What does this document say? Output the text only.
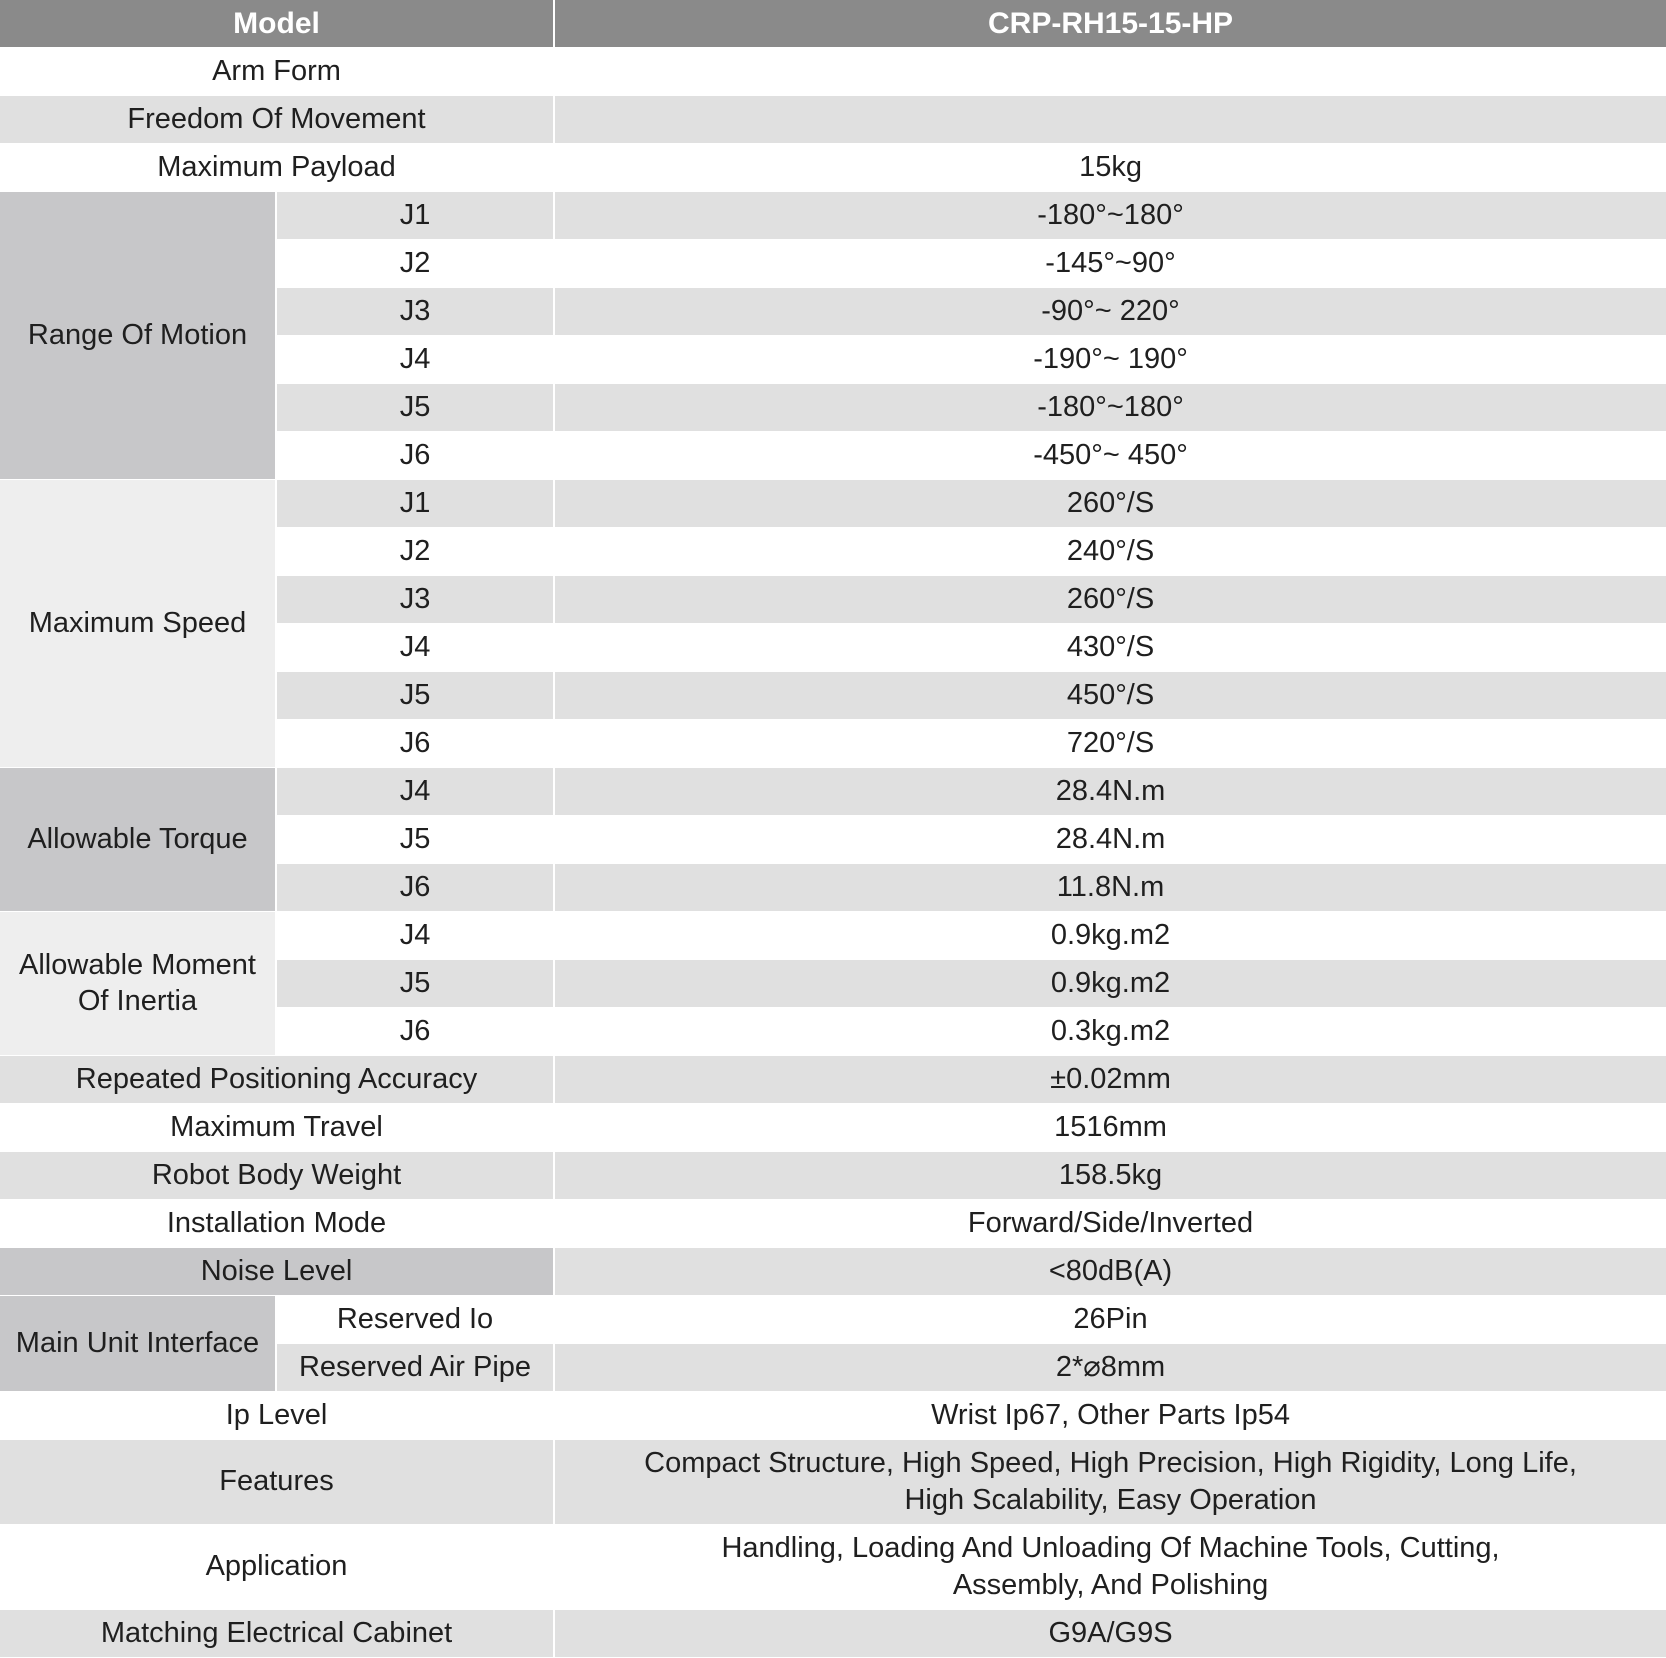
Model		CRP-RH15-15-HP
Arm Form		
Freedom Of Movement		
Maximum Payload		15kg
Range Of Motion	J1	-180°~180°
	J2	-145°~90°
	J3	-90°~ 220°
	J4	-190°~ 190°
	J5	-180°~180°
	J6	-450°~ 450°
Maximum Speed	J1	260°/S
	J2	240°/S
	J3	260°/S
	J4	430°/S
	J5	450°/S
	J6	720°/S
Allowable Torque	J4	28.4N.m
	J5	28.4N.m
	J6	11.8N.m

Allowable Moment
Of Inertia	J4	0.9kg.m2
	J5	0.9kg.m2
	J6	0.3kg.m2
Repeated Positioning Accuracy		±0.02mm
Maximum Travel		1516mm
Robot Body Weight		158.5kg
Installation Mode		Forward/Side/Inverted
Noise Level		<80dB(A)
Main Unit Interface	Reserved Io	26Pin
	Reserved Air Pipe	2*⌀8mm
Ip Level		Wrist Ip67, Other Parts Ip54
Features		Compact Structure, High Speed, High Precision, High Rigidity, Long Life,
High Scalability, Easy Operation

Application		Handling, Loading And Unloading Of Machine Tools, Cutting,
Assembly, And Polishing

Matching Electrical Cabinet		G9A/G9S
